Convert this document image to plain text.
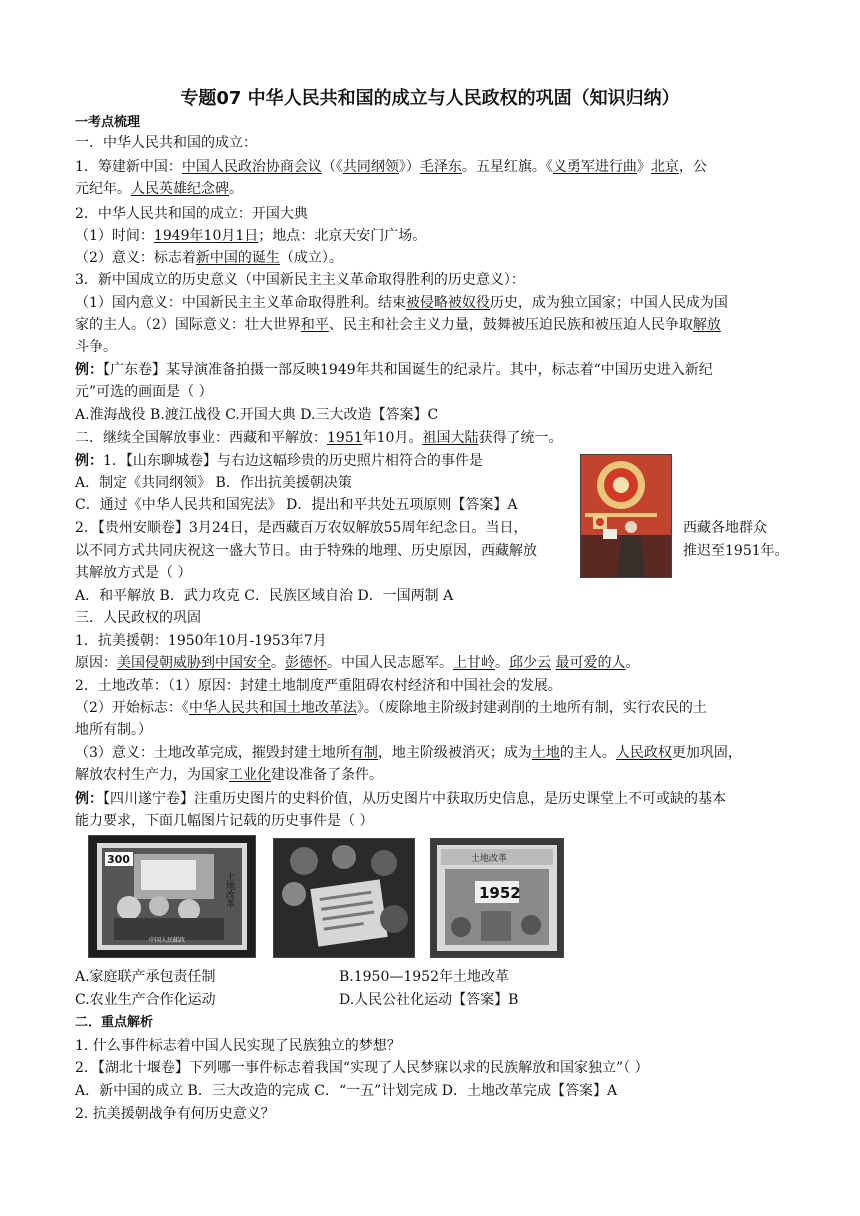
专题07 中华人民共和国的成立与人民政权的巩固（知识归纳）
一考点梳理
一．中华人民共和国的成立：
1．筹建新中国：中国人民政治协商会议（《共同纲领》）毛泽东。五星红旗。《义勇军进行曲》北京，公
元纪年。人民英雄纪念碑。
2．中华人民共和国的成立：开国大典
（1）时间：1949年10月1日；地点：北京天安门广场。
（2）意义：标志着新中国的诞生（成立）。
3．新中国成立的历史意义（中国新民主主义革命取得胜利的历史意义）：
（1）国内意义：中国新民主主义革命取得胜利。结束被侵略被奴役历史，成为独立国家；中国人民成为国
家的主人。（2）国际意义：壮大世界和平、民主和社会主义力量，鼓舞被压迫民族和被压迫人民争取解放
斗争。
例：【广东卷】某导演准备拍摄一部反映1949年共和国诞生的纪录片。其中，标志着“中国历史进入新纪
元”可选的画面是（ ）
A.淮海战役 B.渡江战役 C.开国大典 D.三大改造【答案】C
二．继续全国解放事业：西藏和平解放：1951年10月。祖国大陆获得了统一。
例：1．【山东聊城卷】与右边这幅珍贵的历史照片相符合的事件是
A．制定《共同纲领》 B．作出抗美援朝决策
C．通过《中华人民共和国宪法》 D．提出和平共处五项原则【答案】A
2．【贵州安顺卷】3月24日，是西藏百万农奴解放55周年纪念日。当日，	西藏各地群众
以不同方式共同庆祝这一盛大节日。由于特殊的地理、历史原因，西藏解放	推迟至1951年。
其解放方式是（ ）
A．和平解放 B．武力攻克 C．民族区域自治 D．一国两制 A
三．人民政权的巩固
1．抗美援朝：1950年10月-1953年7月
原因：美国侵朝威胁到中国安全。彭德怀。中国人民志愿军。上甘岭。邱少云 最可爱的人。
2．土地改革：（1）原因：封建土地制度严重阻碍农村经济和中国社会的发展。
（2）开始标志：《中华人民共和国土地改革法》。（废除地主阶级封建剥削的土地所有制，实行农民的土
地所有制。）
（3）意义：土地改革完成，摧毁封建土地所有制，地主阶级被消灭；成为土地的主人。人民政权更加巩固，
解放农村生产力，为国家工业化建设准备了条件。
例：【四川遂宁卷】注重历史图片的史料价值，从历史图片中获取历史信息，是历史课堂上不可或缺的基本
能力要求，下面几幅图片记载的历史事件是（ ）
300
土地改革
中国人民邮政
土地改革
1952
A.家庭联产承包责任制	B.1950—1952年土地改革
C.农业生产合作化运动	D.人民公社化运动【答案】B
二．重点解析
1. 什么事件标志着中国人民实现了民族独立的梦想？
2．【湖北十堰卷】下列哪一事件标志着我国“实现了人民梦寐以求的民族解放和国家独立”（ ）
A．新中国的成立 B．三大改造的完成 C．“一五”计划完成 D．土地改革完成【答案】A
2. 抗美援朝战争有何历史意义？
